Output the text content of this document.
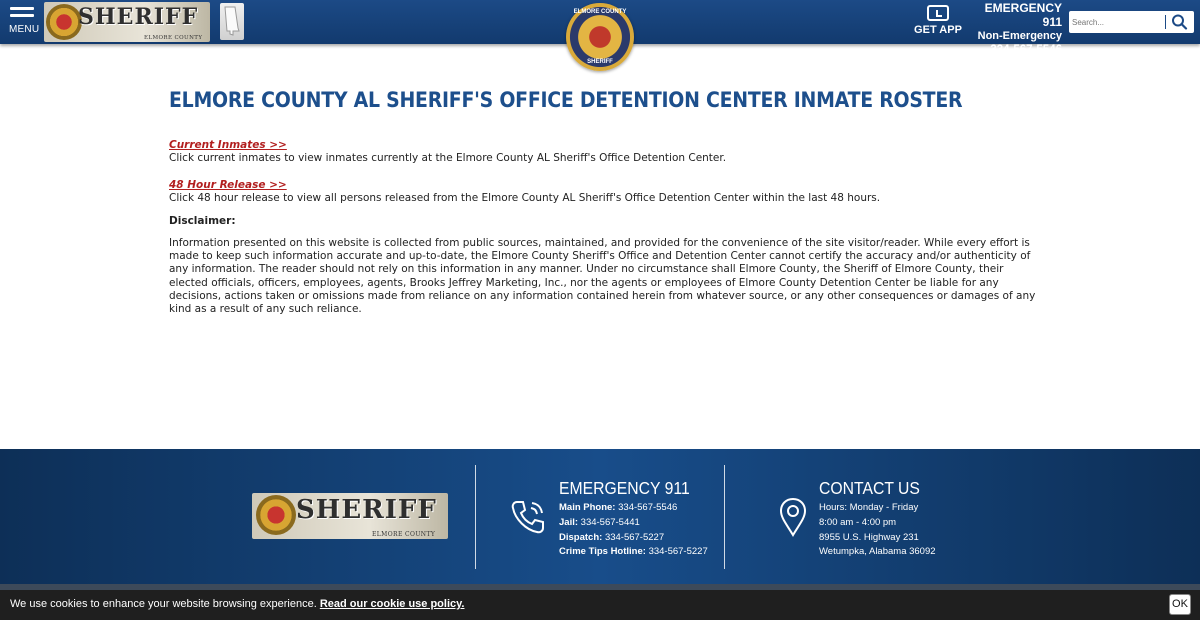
MENU SHERIFF
ELMORE COUNTY
GET APP
EMERGENCY 911
Non-Emergency
334-567-5546
Search...
ELMORE COUNTY
SHERIFF
ELMORE COUNTY AL SHERIFF'S OFFICE DETENTION CENTER INMATE ROSTER
Current Inmates >>

Click current inmates to view inmates currently at the Elmore County AL Sheriff's Office Detention Center.

48 Hour Release >>

Click 48 hour release to view all persons released from the Elmore County AL Sheriff's Office Detention Center within the last 48 hours.

Disclaimer:

Information presented on this website is collected from public sources, maintained, and provided for the convenience of the site visitor/reader. While every effort is made to keep such information accurate and up-to-date, the Elmore County Sheriff's Office and Detention Center cannot certify the accuracy and/or authenticity of any information. The reader should not rely on this information in any manner. Under no circumstance shall Elmore County, the Sheriff of Elmore County, their elected officials, officers, employees, agents, Brooks Jeffrey Marketing, Inc., nor the agents or employees of Elmore County Detention Center be liable for any decisions, actions taken or omissions made from reliance on any information contained herein from whatever source, or any other consequences or damages of any kind as a result of any such reliance.

SHERIFF
ELMORE COUNTY
EMERGENCY 911
Main Phone: 334-567-5546
Jail: 334-567-5441
Dispatch: 334-567-5227
Crime Tips Hotline: 334-567-5227
CONTACT US
Hours: Monday - Friday
8:00 am - 4:00 pm
8955 U.S. Highway 231
Wetumpka, Alabama 36092
We use cookies to enhance your website browsing experience. Read our cookie use policy.	OK
